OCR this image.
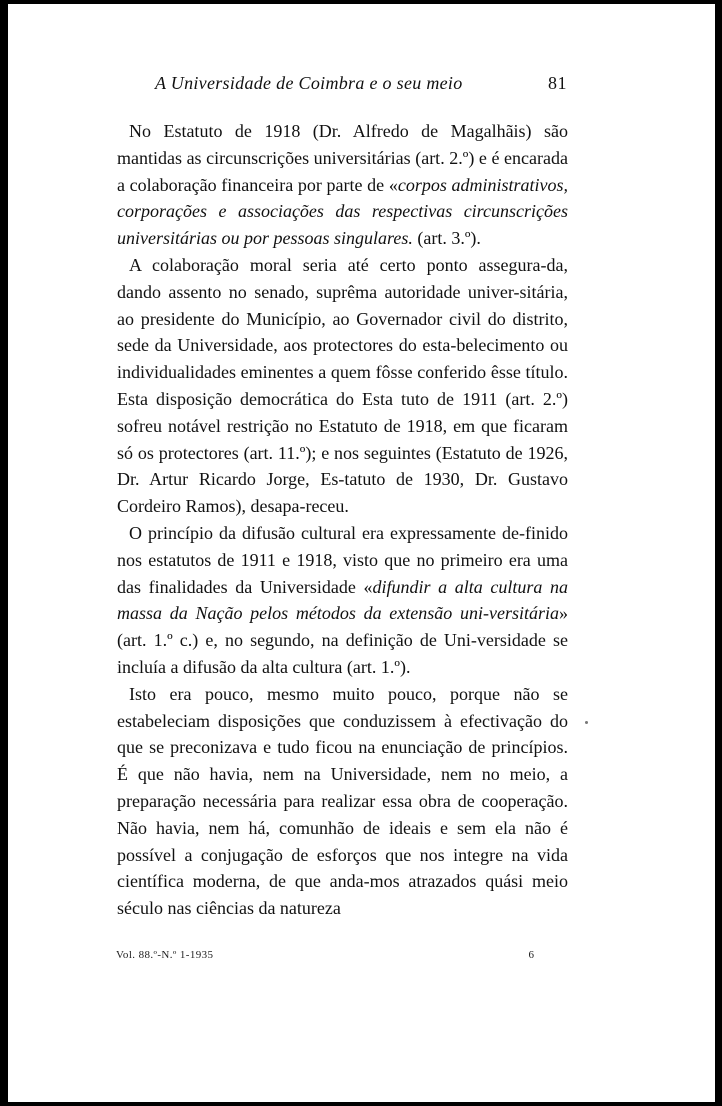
A Universidade de Coimbra e o seu meio	81

No Estatuto de 1918 (Dr. Alfredo de Magalhãis) são mantidas as circunscrições universitárias (art. 2.º) e é encarada a colaboração financeira por parte de «corpos administrativos, corporações e associações das respectivas circunscrições universitárias ou por pessoas singulares. (art. 3.º).

A colaboração moral seria até certo ponto assegura-da, dando assento no senado, suprêma autoridade univer-sitária, ao presidente do Município, ao Governador civil do distrito, sede da Universidade, aos protectores do esta-belecimento ou individualidades eminentes a quem fôsse conferido êsse título. Esta disposição democrática do Esta tuto de 1911 (art. 2.º) sofreu notável restrição no Estatuto de 1918, em que ficaram só os protectores (art. 11.º); e nos seguintes (Estatuto de 1926, Dr. Artur Ricardo Jorge, Es-tatuto de 1930, Dr. Gustavo Cordeiro Ramos), desapa-receu.

O princípio da difusão cultural era expressamente de-finido nos estatutos de 1911 e 1918, visto que no primeiro era uma das finalidades da Universidade «difundir a alta cultura na massa da Nação pelos métodos da extensão uni-versitária» (art. 1.º c.) e, no segundo, na definição de Uni-versidade se incluía a difusão da alta cultura (art. 1.º).

Isto era pouco, mesmo muito pouco, porque não se estabeleciam disposições que conduzissem à efectivação do que se preconizava e tudo ficou na enunciação de princípios. É que não havia, nem na Universidade, nem no meio, a preparação necessária para realizar essa obra de cooperação. Não havia, nem há, comunhão de ideais e sem ela não é possível a conjugação de esforços que nos integre na vida científica moderna, de que anda-mos atrazados quási meio século nas ciências da natureza

Vol. 88.º-N.º 1-1935	6
